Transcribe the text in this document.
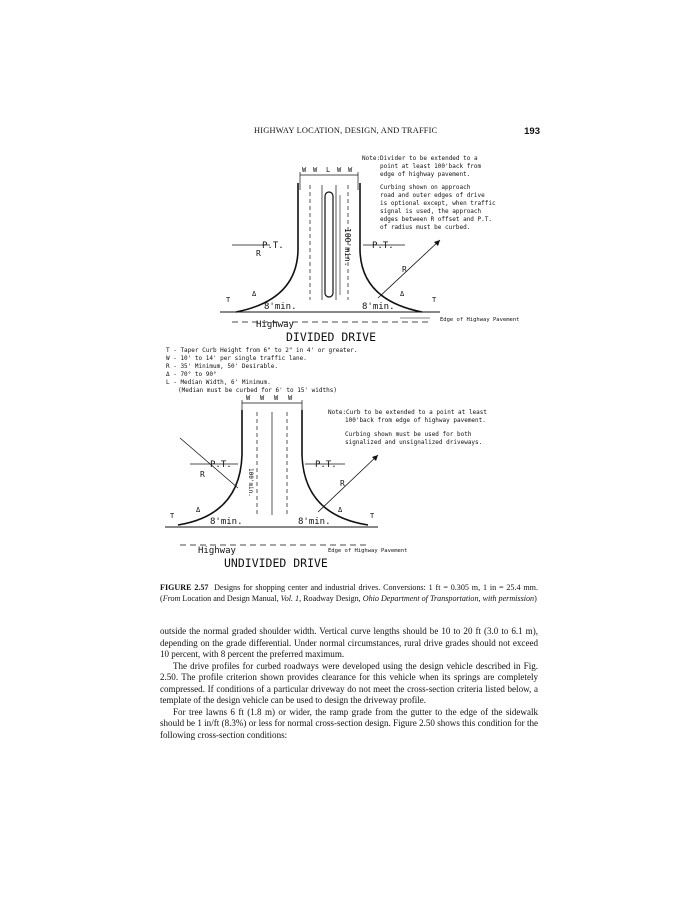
HIGHWAY LOCATION, DESIGN, AND TRAFFIC	193
W W L W W
100'min.
P.T.
R
P.T.
R
T	T
Δ	Δ
8'min.	8'min.
Edge of Highway Pavement
Highway
DIVIDED DRIVE
Note:Divider to be extended to a
point at least 100'back from
edge of highway pavement.
Curbing shown on approach
road and outer edges of drive
is optional except, when traffic
signal is used, the approach
edges between R offset and P.T.
of radius must be curbed.
T - Taper Curb Height from 6" to 2" in 4' or greater.
W - 10' to 14' per single traffic lane.
R - 35' Minimum, 50' Desirable.
Δ - 70° to 90°
L - Median Width, 6' Minimum.
(Median must be curbed for 6' to 15' widths)
W W W W
100'min.
P.T.	P.T.
R
R
T	T
Δ	Δ
8'min.	8'min.
Highway	Edge of Highway Pavement
UNDIVIDED DRIVE
Note:Curb to be extended to a point at least
100'back from edge of highway pavement.
Curbing shown must be used for both
signalized and unsignalized driveways.
FIGURE 2.57 Designs for shopping center and industrial drives. Conversions: 1 ft = 0.305 m, 1 in = 25.4 mm. (From Location and Design Manual, Vol. 1, Roadway Design, Ohio Department of Transportation, with permission)

outside the normal graded shoulder width. Vertical curve lengths should be 10 to 20 ft (3.0 to 6.1 m), depending on the grade differential. Under normal circumstances, rural drive grades should not exceed 10 percent, with 8 percent the preferred maximum.

The drive profiles for curbed roadways were developed using the design vehicle described in Fig. 2.50. The profile criterion shown provides clearance for this vehicle when its springs are completely compressed. If conditions of a particular driveway do not meet the cross-section criteria listed below, a template of the design vehicle can be used to design the driveway profile.

For tree lawns 6 ft (1.8 m) or wider, the ramp grade from the gutter to the edge of the sidewalk should be 1 in/ft (8.3%) or less for normal cross-section design. Figure 2.50 shows this condition for the following cross-section conditions:
